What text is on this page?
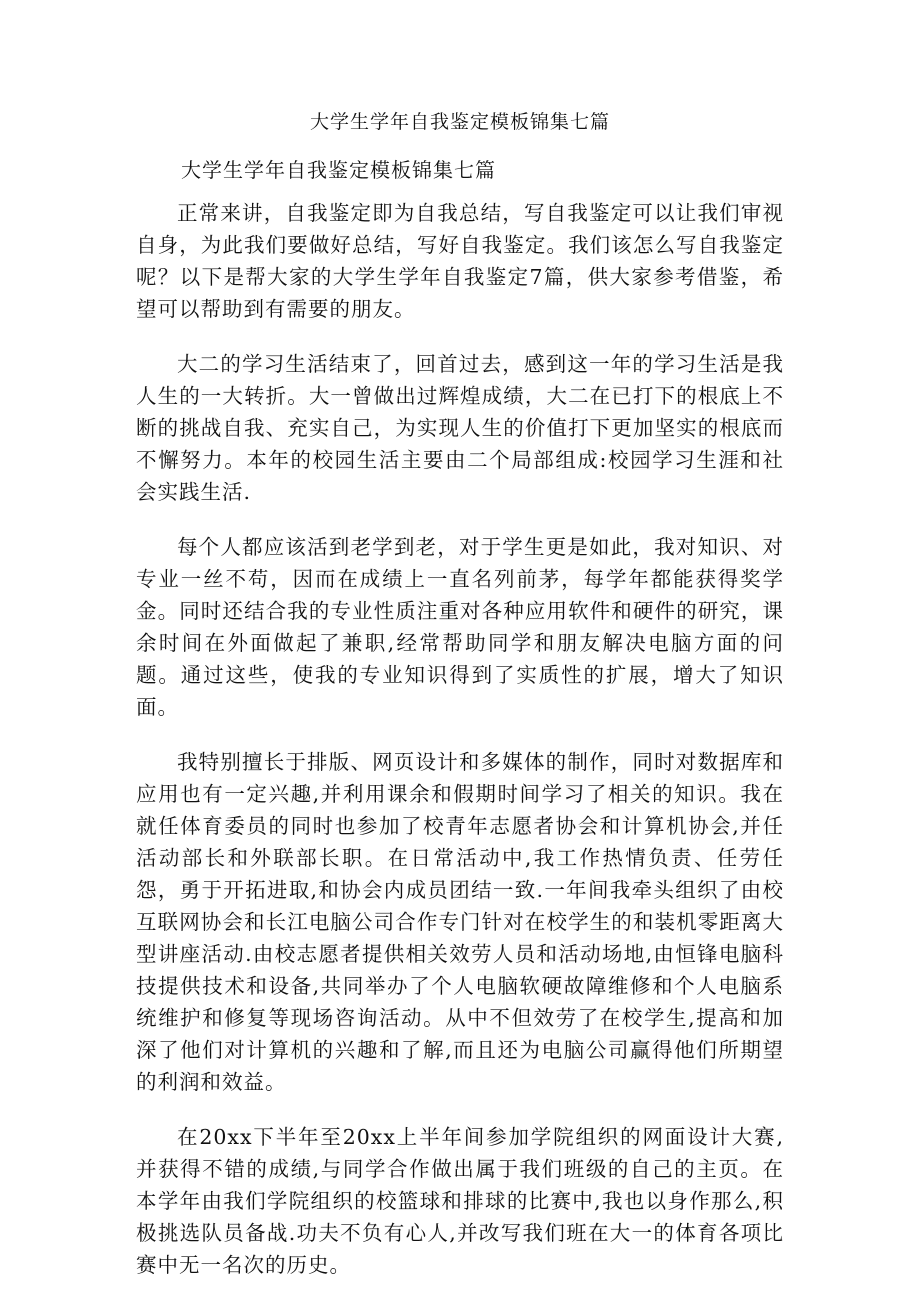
大学生学年自我鉴定模板锦集七篇
大学生学年自我鉴定模板锦集七篇

正常来讲，自我鉴定即为自我总结，写自我鉴定可以让我们审视自身，为此我们要做好总结，写好自我鉴定。我们该怎么写自我鉴定呢？以下是帮大家的大学生学年自我鉴定7篇，供大家参考借鉴，希望可以帮助到有需要的朋友。

大二的学习生活结束了，回首过去，感到这一年的学习生活是我人生的一大转折。大一曾做出过辉煌成绩，大二在已打下的根底上不断的挑战自我、充实自己，为实现人生的价值打下更加坚实的根底而不懈努力。本年的校园生活主要由二个局部组成:校园学习生涯和社会实践生活.

每个人都应该活到老学到老，对于学生更是如此，我对知识、对专业一丝不苟，因而在成绩上一直名列前茅，每学年都能获得奖学金。同时还结合我的专业性质注重对各种应用软件和硬件的研究，课余时间在外面做起了兼职,经常帮助同学和朋友解决电脑方面的问题。通过这些，使我的专业知识得到了实质性的扩展，增大了知识面。

我特别擅长于排版、网页设计和多媒体的制作，同时对数据库和应用也有一定兴趣,并利用课余和假期时间学习了相关的知识。我在就任体育委员的同时也参加了校青年志愿者协会和计算机协会,并任活动部长和外联部长职。在日常活动中,我工作热情负责、任劳任怨，勇于开拓进取,和协会内成员团结一致.一年间我牵头组织了由校互联网协会和长江电脑公司合作专门针对在校学生的和装机零距离大型讲座活动.由校志愿者提供相关效劳人员和活动场地,由恒锋电脑科技提供技术和设备,共同举办了个人电脑软硬故障维修和个人电脑系统维护和修复等现场咨询活动。从中不但效劳了在校学生,提高和加深了他们对计算机的兴趣和了解,而且还为电脑公司赢得他们所期望的利润和效益。

在20xx下半年至20xx上半年间参加学院组织的网面设计大赛,并获得不错的成绩,与同学合作做出属于我们班级的自己的主页。在本学年由我们学院组织的校篮球和排球的比赛中,我也以身作那么,积极挑选队员备战.功夫不负有心人,并改写我们班在大一的体育各项比赛中无一名次的历史。
